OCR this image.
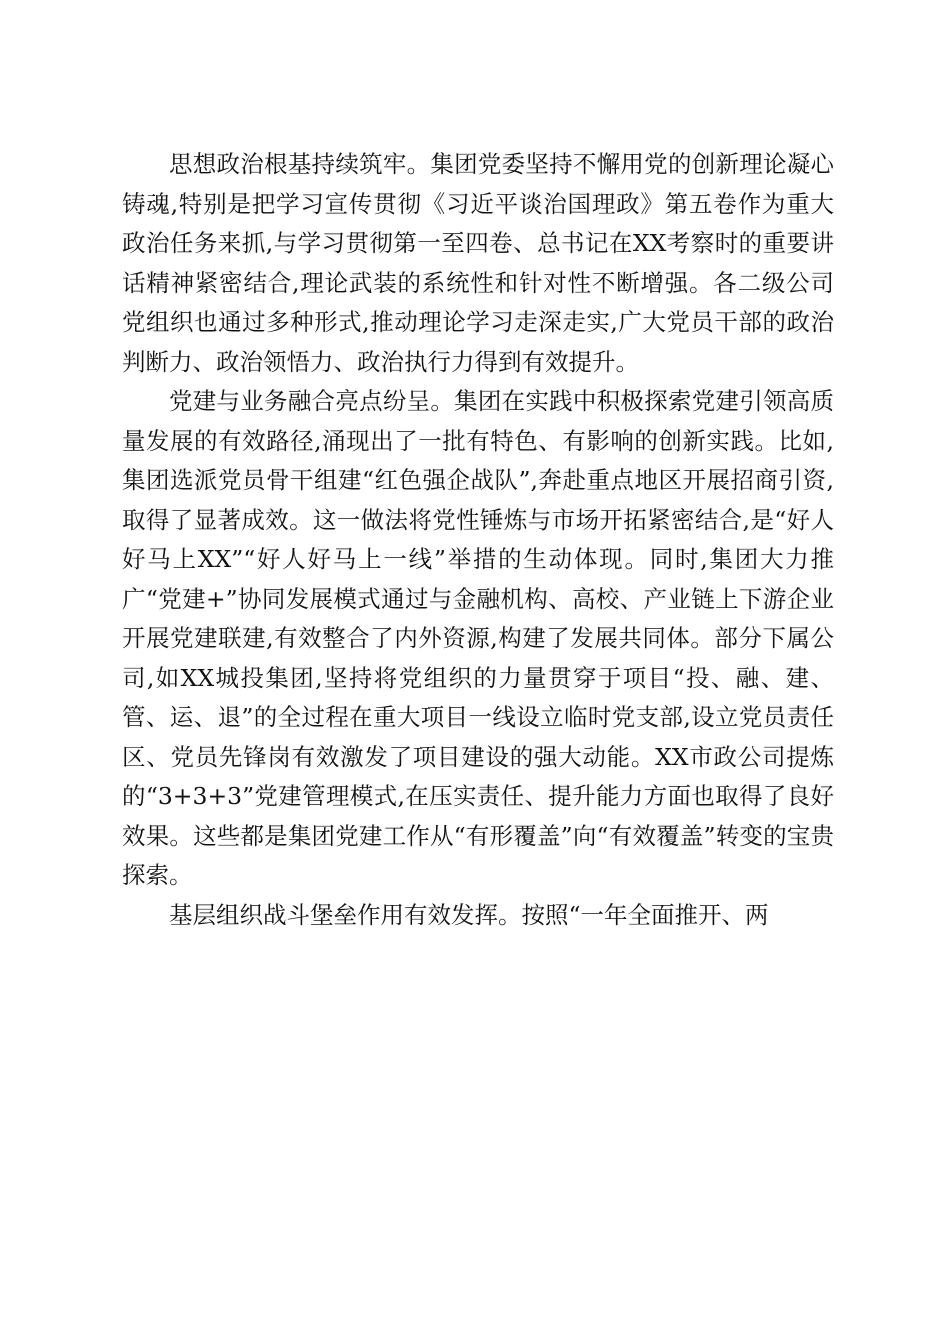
思想政治根基持续筑牢。集团党委坚持不懈用党的创新理论凝心铸魂,特别是把学习宣传贯彻《习近平谈治国理政》第五卷作为重大政治任务来抓,与学习贯彻第一至四卷、总书记在XX考察时的重要讲话精神紧密结合,理论武装的系统性和针对性不断增强。各二级公司党组织也通过多种形式,推动理论学习走深走实,广大党员干部的政治判断力、政治领悟力、政治执行力得到有效提升。

党建与业务融合亮点纷呈。集团在实践中积极探索党建引领高质量发展的有效路径,涌现出了一批有特色、有影响的创新实践。比如,集团选派党员骨干组建“红色强企战队”,奔赴重点地区开展招商引资,取得了显著成效。这一做法将党性锤炼与市场开拓紧密结合,是“好人好马上XX”“好人好马上一线”举措的生动体现。同时,集团大力推广“党建+”协同发展模式通过与金融机构、高校、产业链上下游企业开展党建联建,有效整合了内外资源,构建了发展共同体。部分下属公司,如XX城投集团,坚持将党组织的力量贯穿于项目“投、融、建、管、运、退”的全过程在重大项目一线设立临时党支部,设立党员责任区、党员先锋岗有效激发了项目建设的强大动能。XX市政公司提炼的“3+3+3”党建管理模式,在压实责任、提升能力方面也取得了良好效果。这些都是集团党建工作从“有形覆盖”向“有效覆盖”转变的宝贵探索。

基层组织战斗堡垒作用有效发挥。按照“一年全面推开、两
